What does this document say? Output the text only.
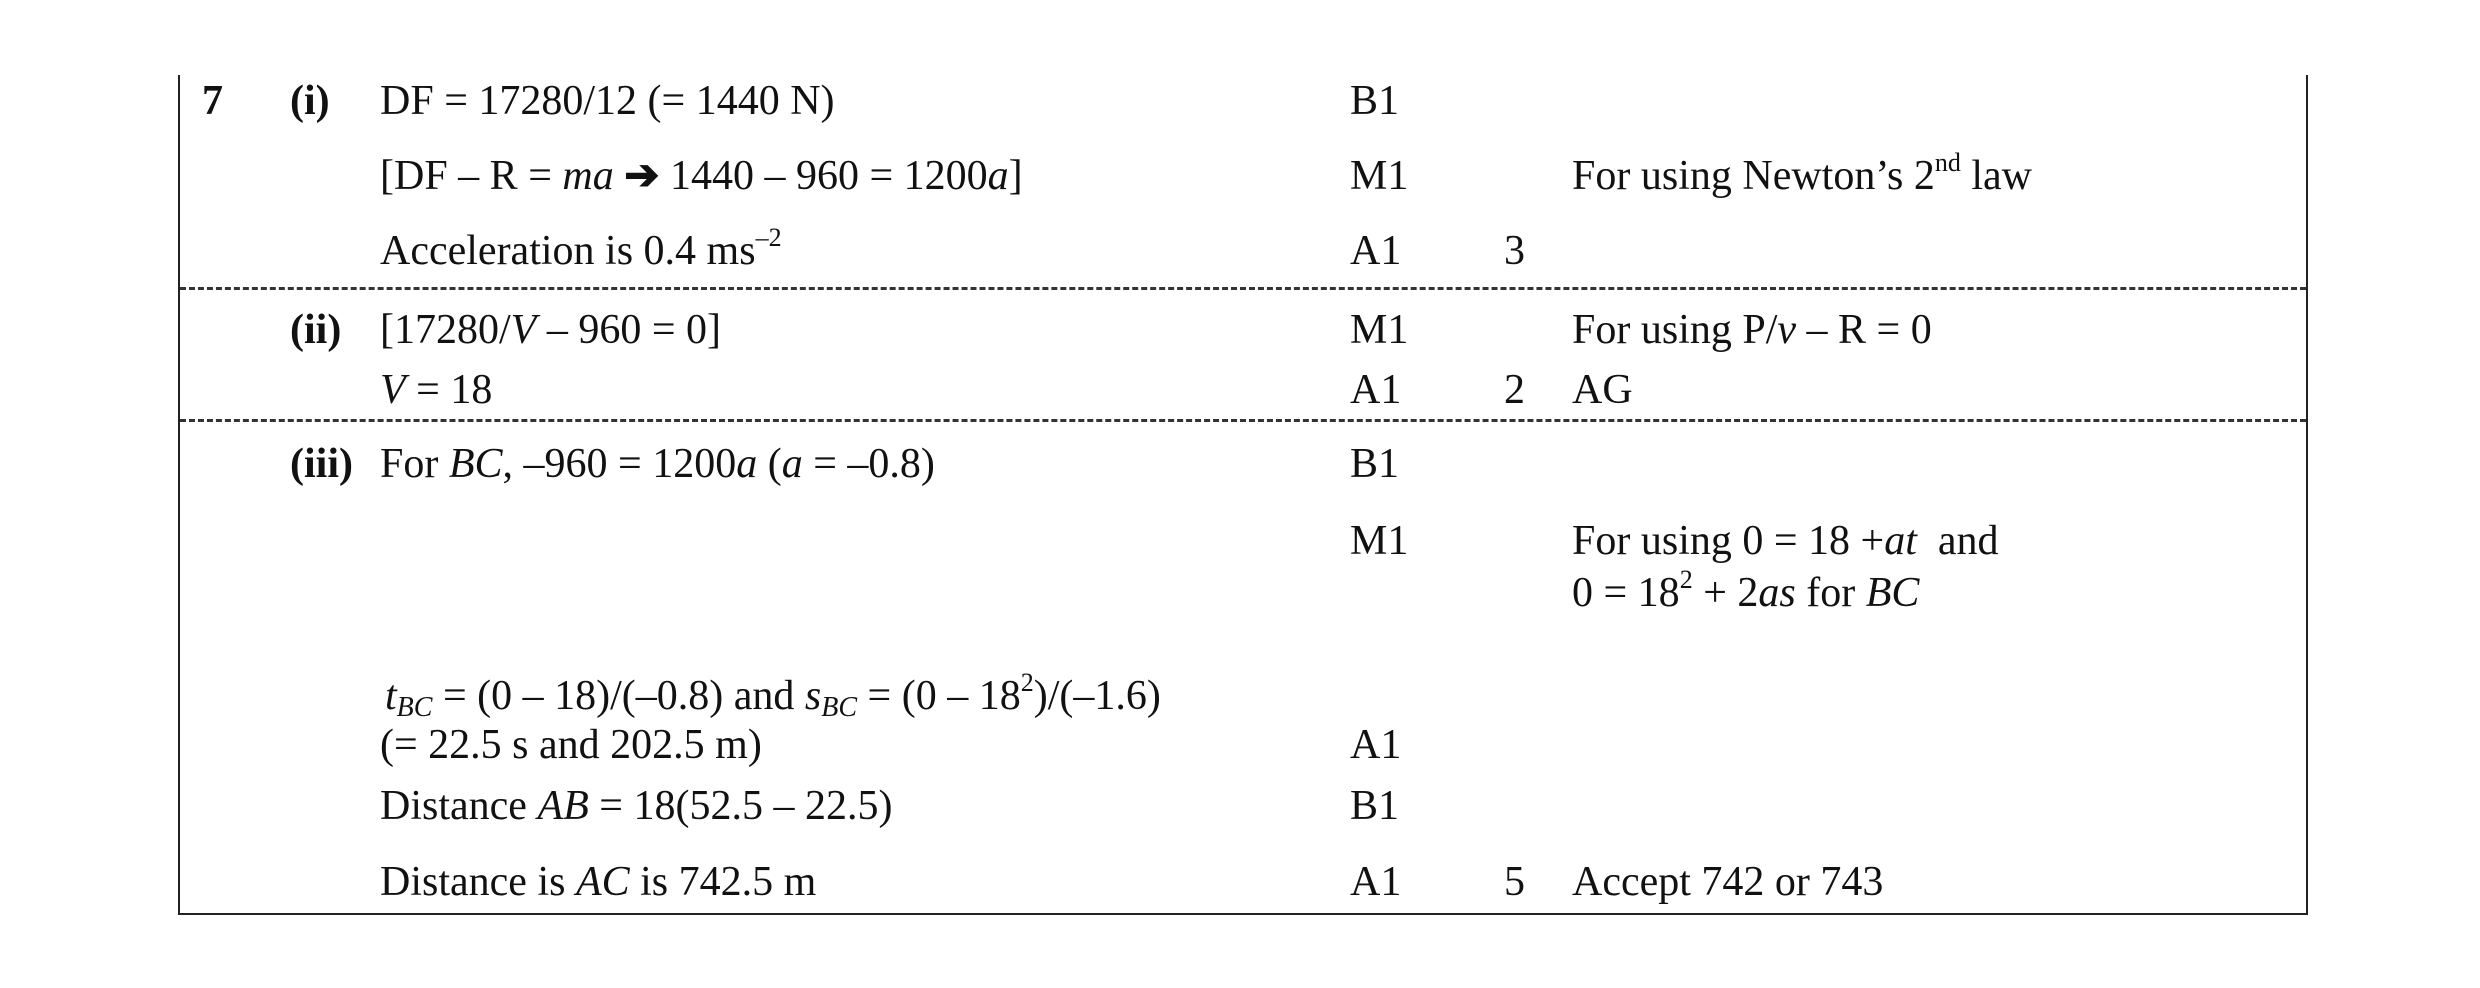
7 (i) DF = 17280/12 (= 1440 N)	B1
[DF – R = ma ➔ 1440 – 960 = 1200a]	M1	For using Newton’s 2nd law
Acceleration is 0.4 $ms^{-2}$	A1 3
(ii) [17280/V – 960 = 0]	M1	For using P/v – R = 0
V = 18	A1 2 AG
(iii) For BC, –960 = 1200a (a = –0.8)	B1
M1	For using 0 = 18 +at  and
$0 = 18^2 + 2as$ for BC
$t_{BC} = (0 - 18)/(-0.8)$ and $s_{BC} = (0 - 18^2)/(-1.6)$
(= 22.5 s and 202.5 m)	A1
Distance AB = 18(52.5 – 22.5)	B1
Distance is AC is 742.5 m	A1 5 Accept 742 or 743
